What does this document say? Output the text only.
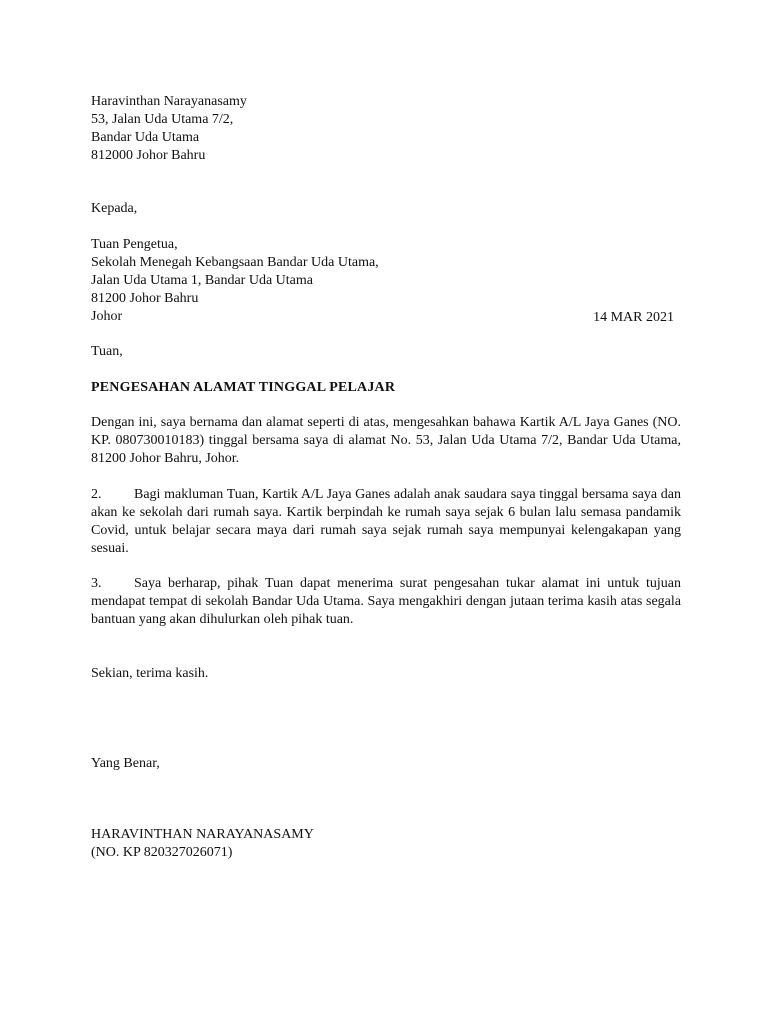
Haravinthan Narayanasamy
53, Jalan Uda Utama 7/2,
Bandar Uda Utama
812000 Johor Bahru
Kepada,
Tuan Pengetua,
Sekolah Menegah Kebangsaan Bandar Uda Utama,
Jalan Uda Utama 1, Bandar Uda Utama
81200 Johor Bahru
Johor	14 MAR 2021
Tuan,
PENGESAHAN ALAMAT TINGGAL PELAJAR
Dengan ini, saya bernama dan alamat seperti di atas, mengesahkan bahawa Kartik A/L Jaya Ganes (NO. KP. 080730010183) tinggal bersama saya di alamat No. 53, Jalan Uda Utama 7/2, Bandar Uda Utama, 81200 Johor Bahru, Johor.
2. Bagi makluman Tuan, Kartik A/L Jaya Ganes adalah anak saudara saya tinggal bersama saya dan akan ke sekolah dari rumah saya. Kartik berpindah ke rumah saya sejak 6 bulan lalu semasa pandamik Covid, untuk belajar secara maya dari rumah saya sejak rumah saya mempunyai kelengakapan yang sesuai.
3. Saya berharap, pihak Tuan dapat menerima surat pengesahan tukar alamat ini untuk tujuan mendapat tempat di sekolah Bandar Uda Utama. Saya mengakhiri dengan jutaan terima kasih atas segala bantuan yang akan dihulurkan oleh pihak tuan.
Sekian, terima kasih.
Yang Benar,
HARAVINTHAN NARAYANASAMY
(NO. KP 820327026071)
